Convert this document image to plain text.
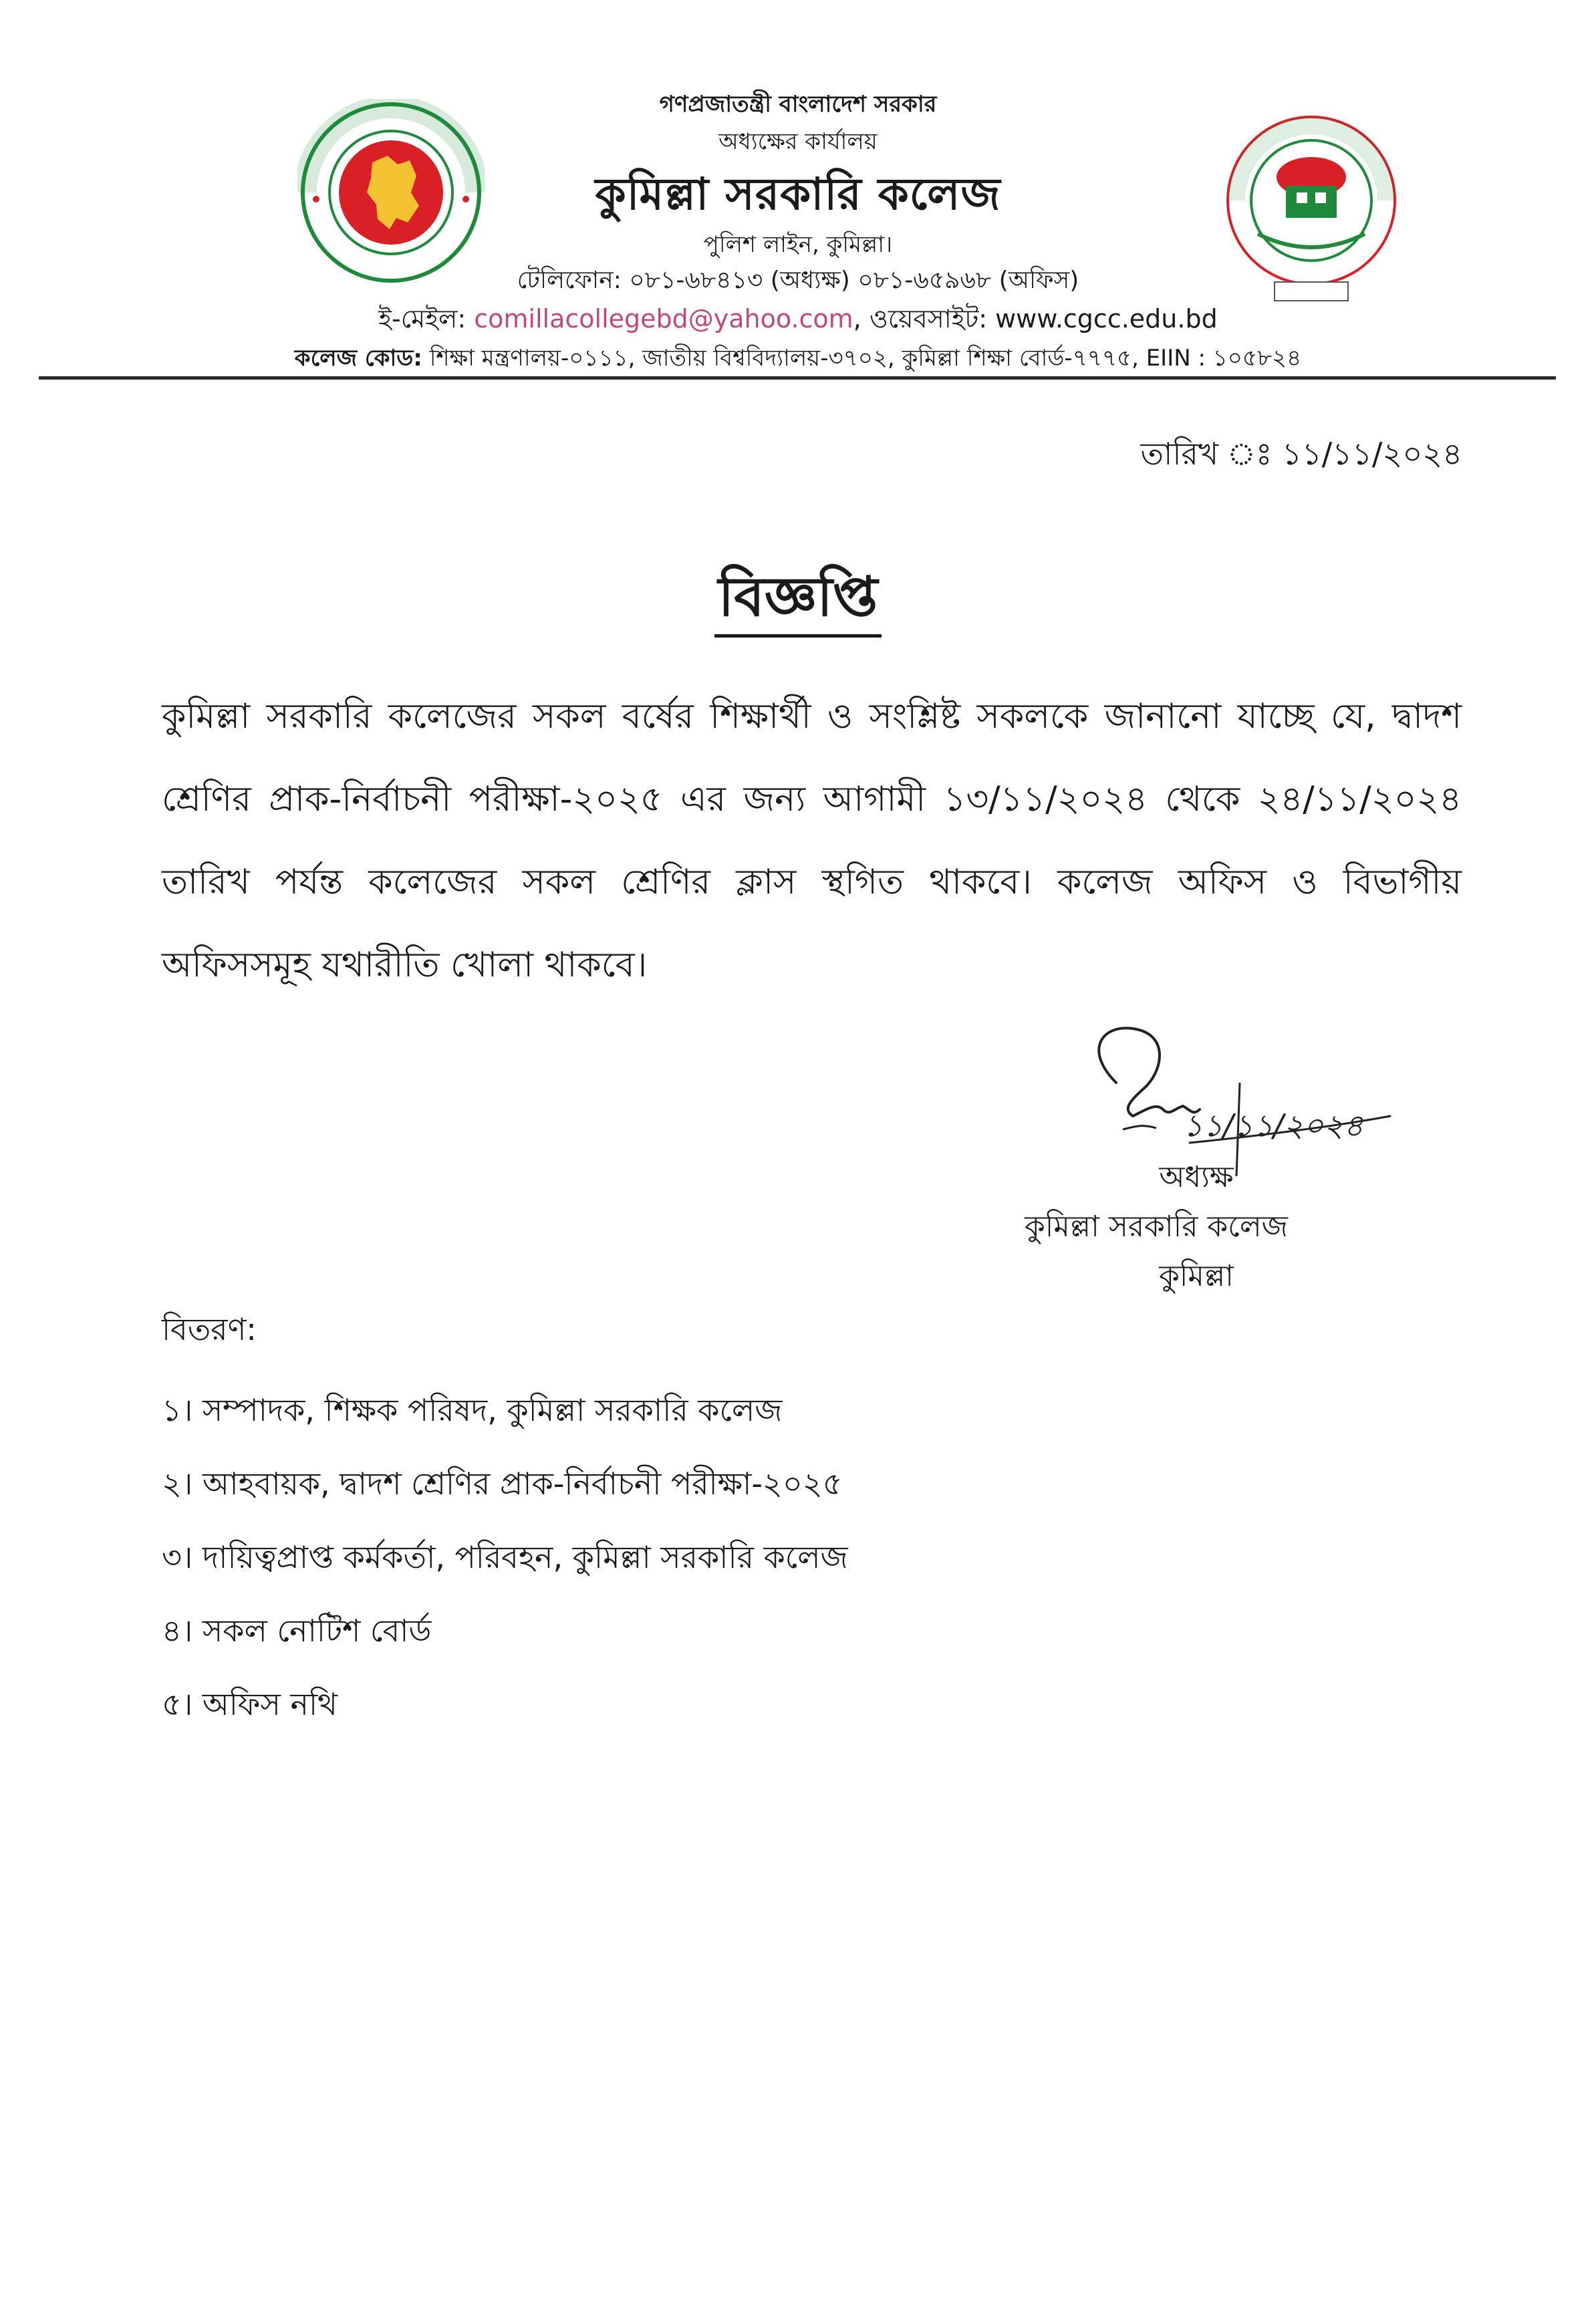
গণপ্রজাতন্ত্রী বাংলাদেশ সরকার
অধ্যক্ষের কার্যালয়
কুমিল্লা সরকারি কলেজ
পুলিশ লাইন, কুমিল্লা।
টেলিফোন: ০৮১-৬৮৪১৩ (অধ্যক্ষ) ০৮১-৬৫৯৬৮ (অফিস)
ই-মেইল: comillacollegebd@yahoo.com, ওয়েবসাইট: www.cgcc.edu.bd
কলেজ কোড: শিক্ষা মন্ত্রণালয়-০১১১, জাতীয় বিশ্ববিদ্যালয়-৩৭০২, কুমিল্লা শিক্ষা বোর্ড-৭৭৭৫, EIIN : ১০৫৮২৪
তারিখ ঃ ১১/১১/২০২৪
বিজ্ঞপ্তি
কুমিল্লা সরকারি কলেজের সকল বর্ষের শিক্ষার্থী ও সংশ্লিষ্ট সকলকে জানানো যাচ্ছে যে, দ্বাদশ শ্রেণির প্রাক-নির্বাচনী পরীক্ষা-২০২৫ এর জন্য আগামী ১৩/১১/২০২৪ থেকে ২৪/১১/২০২৪ তারিখ পর্যন্ত কলেজের সকল শ্রেণির ক্লাস স্থগিত থাকবে। কলেজ অফিস ও বিভাগীয় অফিসসমূহ যথারীতি খোলা থাকবে।
১১/১১/২০২৪
অধ্যক্ষ
কুমিল্লা সরকারি কলেজ
কুমিল্লা
বিতরণ:
১। সম্পাদক, শিক্ষক পরিষদ, কুমিল্লা সরকারি কলেজ
২। আহবায়ক, দ্বাদশ শ্রেণির প্রাক-নির্বাচনী পরীক্ষা-২০২৫
৩। দায়িত্বপ্রাপ্ত কর্মকর্তা, পরিবহন, কুমিল্লা সরকারি কলেজ
৪। সকল নোটিশ বোর্ড
৫। অফিস নথি
